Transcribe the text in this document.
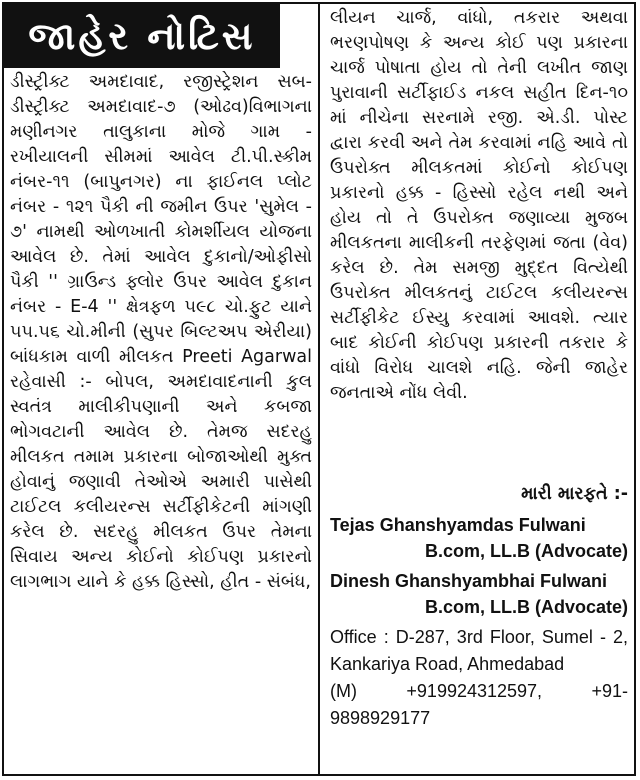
જાહેર નોટિસ
ડીસ્ટ્રીક્ટ અમદાવાદ, રજીસ્ટ્રેશન સબ-ડીસ્ટ્રીક્ટ અમદાવાદ-૭ (ઓઢવ)વિભાગના મણીનગર તાલુકાના મોજે ગામ - રખીયાલની સીમમાં આવેલ ટી.પી.સ્કીમ નંબર-૧૧ (બાપુનગર) ના ફાઈનલ પ્લોટ નંબર - ૧૨૧ પૈકી ની જમીન ઉપર 'સુમેલ - ૭' નામથી ઓળખાતી કોમર્શીયલ યોજના આવેલ છે. તેમાં આવેલ દુકાનો/ઓફીસો પૈકી '' ગ્રાઉન્ડ ફ્લોર ઉપર આવેલ દુકાન નંબર - E-4 '' ક્ષેત્રફળ ૫૯૮ ચો.ફુટ યાને ૫૫.૫૬ ચો.મીની (સુપર બિલ્ટઅપ એરીયા) બાંધકામ વાળી મીલકત Preeti Agarwal રહેવાસી :- બોપલ, અમદાવાદનાની કુલ સ્વતંત્ર માલીકીપણાની અને કબજા ભોગવટાની આવેલ છે. તેમજ સદરહુ મીલકત તમામ પ્રકારના બોજાઓથી મુક્ત હોવાનું જણાવી તેઓએ અમારી પાસેથી ટાઈટલ કલીયરન્સ સર્ટીફીકેટની માંગણી કરેલ છે. સદરહુ મીલકત ઉપર તેમના સિવાય અન્ય કોઈનો કોઈપણ પ્રકારનો લાગભાગ યાને કે હક્ક હિસ્સો, હીત - સંબંધ,
લીયન ચાર્જ, વાંધો, તકરાર અથવા ભરણપોષણ કે અન્ય કોઈ પણ પ્રકારના ચાર્જ પોષાતા હોય તો તેની લખીત જાણ પુરાવાની સર્ટીફાઈડ નકલ સહીત દિન-૧૦ માં નીચેના સરનામે રજી. એ.ડી. પોસ્ટ દ્વારા કરવી અને તેમ કરવામાં નહિ આવે તો ઉપરોક્ત મીલકતમાં કોઈનો કોઈપણ પ્રકારનો હક્ક - હિસ્સો રહેલ નથી અને હોય તો તે ઉપરોક્ત જણાવ્યા મુજબ મીલકતના માલીકની તરફેણમાં જતા (વેવ) કરેલ છે. તેમ સમજી મુદ્દત વિત્યેથી ઉપરોક્ત મીલકતનું ટાઈટલ કલીયરન્સ સર્ટીફીકેટ ઈસ્યુ કરવામાં આવશે. ત્યાર બાદ કોઈની કોઈપણ પ્રકારની તકરાર કે વાંધો વિરોધ ચાલશે નહિ. જેની જાહેર જનતાએ નોંધ લેવી.
મારી મારફતે :-
Tejas Ghanshyamdas Fulwani
B.com, LL.B (Advocate)
Dinesh Ghanshyambhai Fulwani
B.com, LL.B (Advocate)
Office : D-287, 3rd Floor, Sumel - 2, Kankariya Road, Ahmedabad
(M) +919924312597, +91-9898929177
